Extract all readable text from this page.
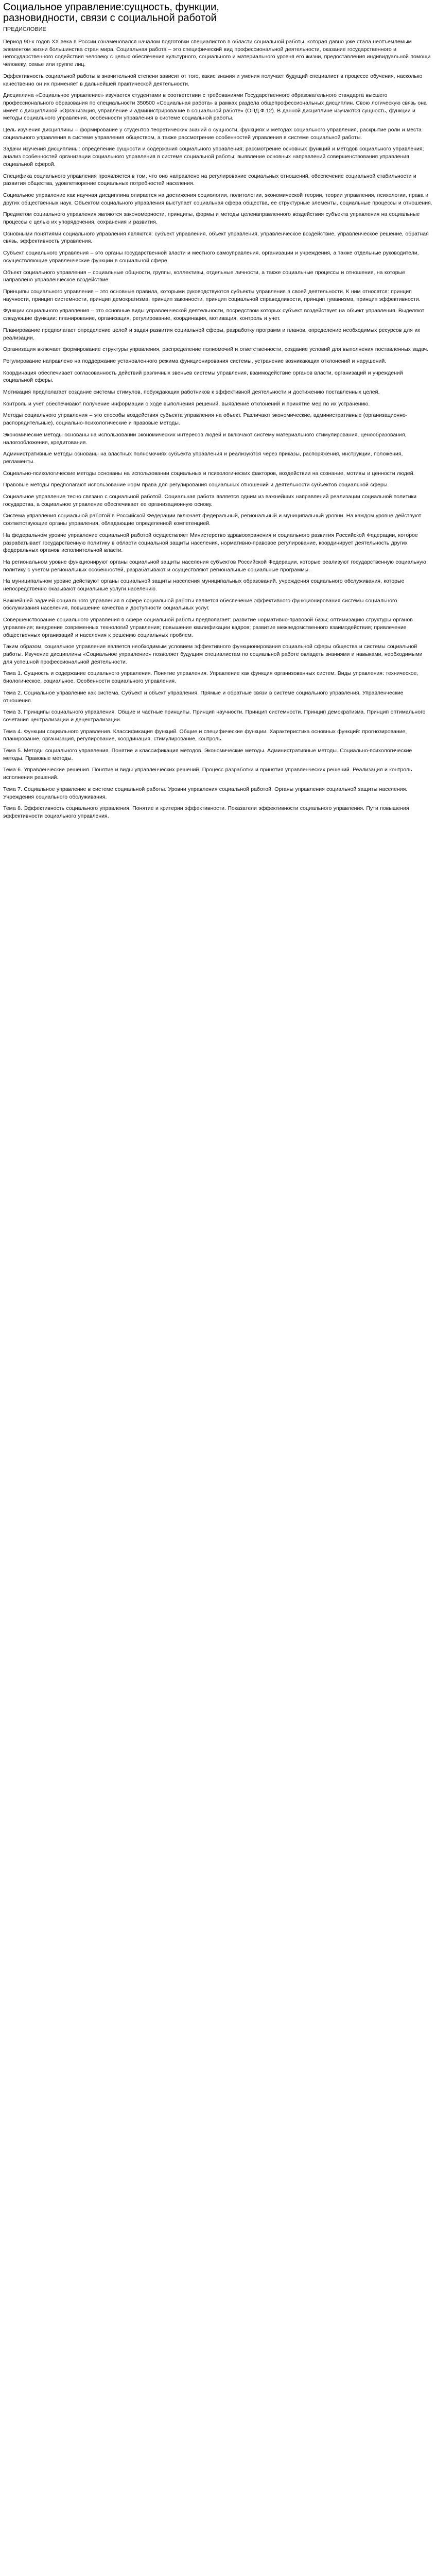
Социальное управление:сущность, функции, разновидности, связи с социальной работой
ПРЕДИСЛОВИЕ

Период 90-х годов ХХ века в России ознаменовался началом подготовки специалистов в области социальной работы, которая давно уже стала неотъемлемым элементом жизни большинства стран мира. Социальная работа – это специфический вид профессиональной деятельности, оказание государственного и негосударственного содействия человеку с целью обеспечения культурного, социального и материального уровня его жизни, предоставления индивидуальной помощи человеку, семье или группе лиц.

Эффективность социальной работы в значительной степени зависит от того, какие знания и умения получает будущий специалист в процессе обучения, насколько качественно он их применяет в дальнейшей практической деятельности.

Дисциплина «Социальное управление» изучается студентами в соответствии с требованиями Государственного образовательного стандарта высшего профессионального образования по специальности 350500 «Социальная работа» в рамках раздела общепрофессиональных дисциплин. Свою логическую связь она имеет с дисциплиной «Организация, управление и администрирование в социальной работе» (ОПД.Ф.12). В данной дисциплине изучаются сущность, функции и методы социального управления, особенности управления в системе социальной работы.

Цель изучения дисциплины – формирование у студентов теоретических знаний о сущности, функциях и методах социального управления, раскрытие роли и места социального управления в системе управления обществом, а также рассмотрение особенностей управления в системе социальной работы.

Задачи изучения дисциплины: определение сущности и содержания социального управления; рассмотрение основных функций и методов социального управления; анализ особенностей организации социального управления в системе социальной работы; выявление основных направлений совершенствования управления социальной сферой.

Специфика социального управления проявляется в том, что оно направлено на регулирование социальных отношений, обеспечение социальной стабильности и развития общества, удовлетворение социальных потребностей населения.

Социальное управление как научная дисциплина опирается на достижения социологии, политологии, экономической теории, теории управления, психологии, права и других общественных наук. Объектом социального управления выступает социальная сфера общества, ее структурные элементы, социальные процессы и отношения.

Предметом социального управления являются закономерности, принципы, формы и методы целенаправленного воздействия субъекта управления на социальные процессы с целью их упорядочения, сохранения и развития.

Основными понятиями социального управления являются: субъект управления, объект управления, управленческое воздействие, управленческое решение, обратная связь, эффективность управления.

Субъект социального управления – это органы государственной власти и местного самоуправления, организации и учреждения, а также отдельные руководители, осуществляющие управленческие функции в социальной сфере.

Объект социального управления – социальные общности, группы, коллективы, отдельные личности, а также социальные процессы и отношения, на которые направлено управленческое воздействие.

Принципы социального управления – это основные правила, которыми руководствуются субъекты управления в своей деятельности. К ним относятся: принцип научности, принцип системности, принцип демократизма, принцип законности, принцип социальной справедливости, принцип гуманизма, принцип эффективности.

Функции социального управления – это основные виды управленческой деятельности, посредством которых субъект воздействует на объект управления. Выделяют следующие функции: планирование, организация, регулирование, координация, мотивация, контроль и учет.

Планирование предполагает определение целей и задач развития социальной сферы, разработку программ и планов, определение необходимых ресурсов для их реализации.

Организация включает формирование структуры управления, распределение полномочий и ответственности, создание условий для выполнения поставленных задач.

Регулирование направлено на поддержание установленного режима функционирования системы, устранение возникающих отклонений и нарушений.

Координация обеспечивает согласованность действий различных звеньев системы управления, взаимодействие органов власти, организаций и учреждений социальной сферы.

Мотивация предполагает создание системы стимулов, побуждающих работников к эффективной деятельности и достижению поставленных целей.

Контроль и учет обеспечивают получение информации о ходе выполнения решений, выявление отклонений и принятие мер по их устранению.

Методы социального управления – это способы воздействия субъекта управления на объект. Различают экономические, административные (организационно-распорядительные), социально-психологические и правовые методы.

Экономические методы основаны на использовании экономических интересов людей и включают систему материального стимулирования, ценообразования, налогообложения, кредитования.

Административные методы основаны на властных полномочиях субъекта управления и реализуются через приказы, распоряжения, инструкции, положения, регламенты.

Социально-психологические методы основаны на использовании социальных и психологических факторов, воздействии на сознание, мотивы и ценности людей.

Правовые методы предполагают использование норм права для регулирования социальных отношений и деятельности субъектов социальной сферы.

Социальное управление тесно связано с социальной работой. Социальная работа является одним из важнейших направлений реализации социальной политики государства, а социальное управление обеспечивает ее организационную основу.

Система управления социальной работой в Российской Федерации включает федеральный, региональный и муниципальный уровни. На каждом уровне действуют соответствующие органы управления, обладающие определенной компетенцией.

На федеральном уровне управление социальной работой осуществляет Министерство здравоохранения и социального развития Российской Федерации, которое разрабатывает государственную политику в области социальной защиты населения, нормативно-правовое регулирование, координирует деятельность других федеральных органов исполнительной власти.

На региональном уровне функционируют органы социальной защиты населения субъектов Российской Федерации, которые реализуют государственную социальную политику с учетом региональных особенностей, разрабатывают и осуществляют региональные социальные программы.

На муниципальном уровне действуют органы социальной защиты населения муниципальных образований, учреждения социального обслуживания, которые непосредственно оказывают социальные услуги населению.

Важнейшей задачей социального управления в сфере социальной работы является обеспечение эффективного функционирования системы социального обслуживания населения, повышение качества и доступности социальных услуг.

Совершенствование социального управления в сфере социальной работы предполагает: развитие нормативно-правовой базы; оптимизацию структуры органов управления; внедрение современных технологий управления; повышение квалификации кадров; развитие межведомственного взаимодействия; привлечение общественных организаций и населения к решению социальных проблем.

Таким образом, социальное управление является необходимым условием эффективного функционирования социальной сферы общества и системы социальной работы. Изучение дисциплины «Социальное управление» позволяет будущим специалистам по социальной работе овладеть знаниями и навыками, необходимыми для успешной профессиональной деятельности.

Тема 1. Сущность и содержание социального управления. Понятие управления. Управление как функция организованных систем. Виды управления: техническое, биологическое, социальное. Особенности социального управления.

Тема 2. Социальное управление как система. Субъект и объект управления. Прямые и обратные связи в системе социального управления. Управленческие отношения.

Тема 3. Принципы социального управления. Общие и частные принципы. Принцип научности. Принцип системности. Принцип демократизма. Принцип оптимального сочетания централизации и децентрализации.

Тема 4. Функции социального управления. Классификация функций. Общие и специфические функции. Характеристика основных функций: прогнозирование, планирование, организация, регулирование, координация, стимулирование, контроль.

Тема 5. Методы социального управления. Понятие и классификация методов. Экономические методы. Административные методы. Социально-психологические методы. Правовые методы.

Тема 6. Управленческие решения. Понятие и виды управленческих решений. Процесс разработки и принятия управленческих решений. Реализация и контроль исполнения решений.

Тема 7. Социальное управление в системе социальной работы. Уровни управления социальной работой. Органы управления социальной защиты населения. Учреждения социального обслуживания.

Тема 8. Эффективность социального управления. Понятие и критерии эффективности. Показатели эффективности социального управления. Пути повышения эффективности социального управления.
